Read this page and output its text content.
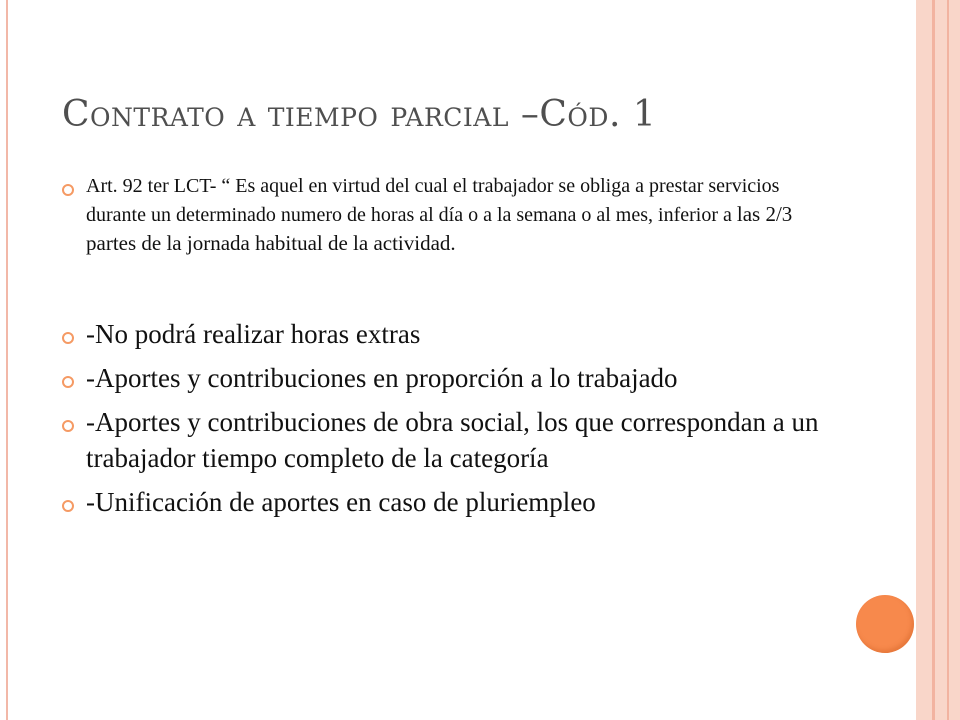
Contrato a tiempo parcial –Cód. 1
Art. 92 ter LCT- “ Es aquel en virtud del cual el trabajador se obliga a prestar servicios durante un determinado numero de horas al día o a la semana o al mes, inferior a las 2/3 partes de la jornada habitual de la actividad.
-No podrá realizar horas extras
-Aportes y contribuciones en proporción a lo trabajado
-Aportes y contribuciones de obra social, los que correspondan a un trabajador tiempo completo de la categoría
-Unificación de aportes en caso de pluriempleo
